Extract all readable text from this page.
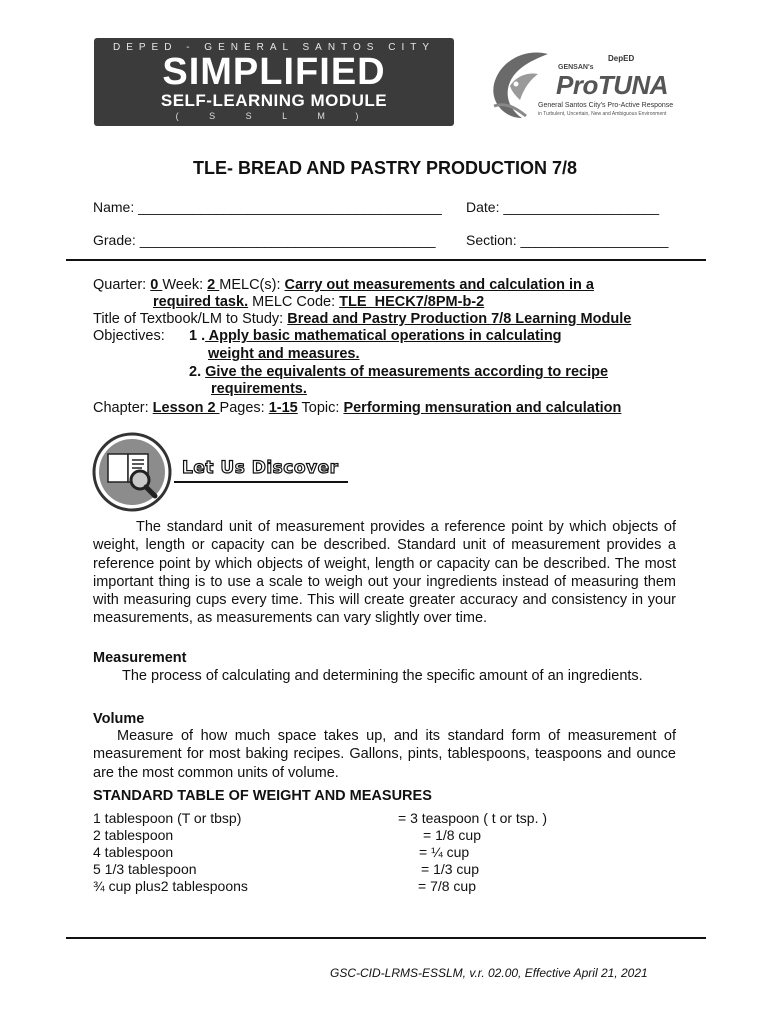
DEPED - GENERAL SANTOS CITY
SIMPLIFIED
SELF-LEARNING MODULE
( S S L M )
DepED
GENSAN's
ProTUNA
General Santos City's Pro-Active Response
in Turbulent, Uncertain, New and Ambiguous Environment
TLE- BREAD AND PASTRY PRODUCTION 7/8
Name: _______________________________________ Date: ____________________
Grade: ______________________________________ Section: ___________________
Quarter: 0 Week: 2 MELC(s): Carry out measurements and calculation in a
required task. MELC Code: TLE_HECK7/8PM-b-2
Title of Textbook/LM to Study: Bread and Pastry Production 7/8 Learning Module
Objectives: 1 . Apply basic mathematical operations in calculating
weight and measures.
2. Give the equivalents of measurements according to recipe
requirements.
Chapter: Lesson 2 Pages: 1-15 Topic: Performing mensuration and calculation
Let Us Discover
The standard unit of measurement provides a reference point by which objects of weight, length or capacity can be described. Standard unit of measurement provides a reference point by which objects of weight, length or capacity can be described. The most important thing is to use a scale to weigh out your ingredients instead of measuring them with measuring cups every time. This will create greater accuracy and consistency in your measurements, as measurements can vary slightly over time.
Measurement
The process of calculating and determining the specific amount of an ingredients.
Volume
Measure of how much space takes up, and its standard form of measurement of measurement for most baking recipes. Gallons, pints, tablespoons, teaspoons and ounce are the most common units of volume.
STANDARD TABLE OF WEIGHT AND MEASURES
1 tablespoon (T or tbsp)
2 tablespoon
4 tablespoon
5 1/3 tablespoon
¾ cup plus2 tablespoons
= 3 teaspoon ( t or tsp. )
= 1/8 cup
= ¼ cup
= 1/3 cup
= 7/8 cup
GSC-CID-LRMS-ESSLM, v.r. 02.00, Effective April 21, 2021
